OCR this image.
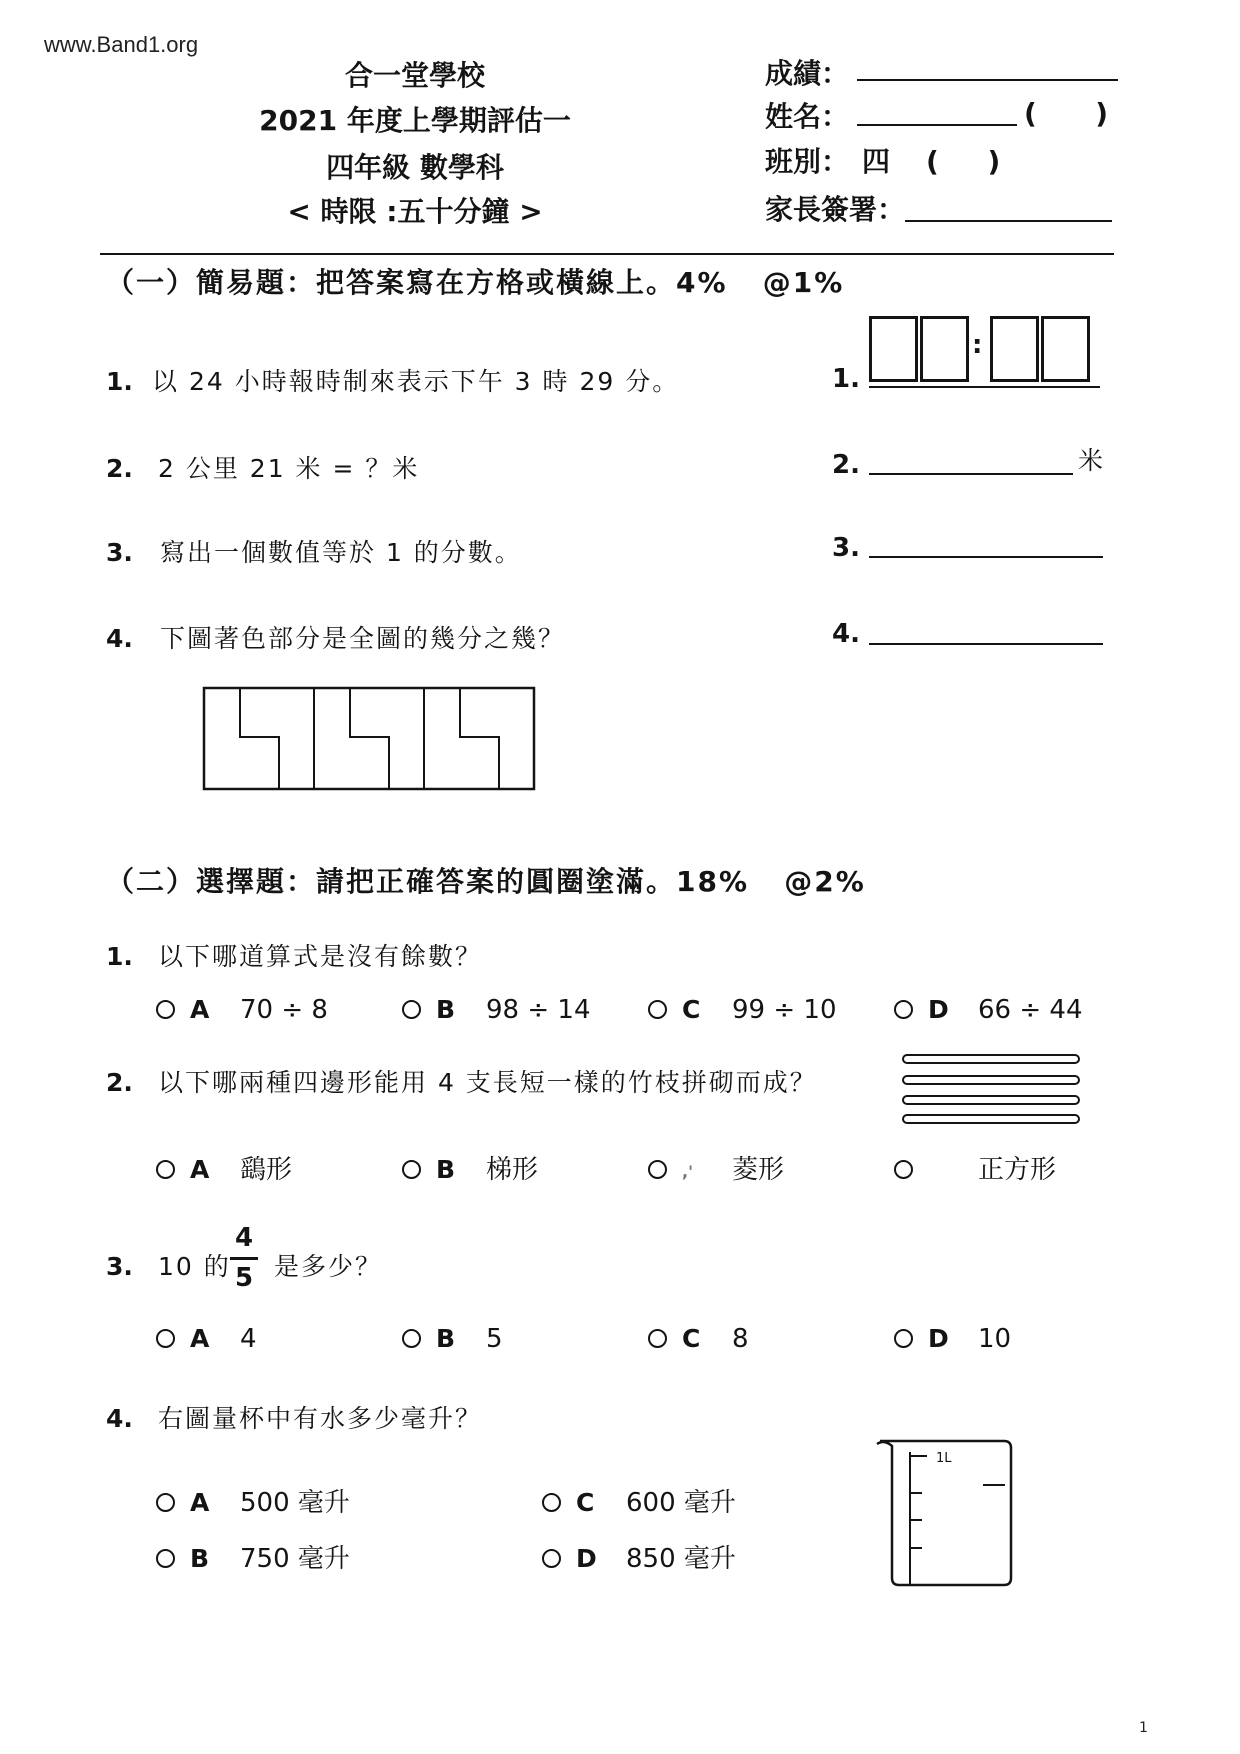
www.Band1.org
合一堂學校
2021 年度上學期評估一
四年級 數學科
< 時限 :五十分鐘 >
成績：
姓名：	(      )
班別： 四 (     )
家長簽署：
（一）簡易題：把答案寫在方格或橫線上。4%   @1%
1. 以 24 小時報時制來表示下午 3 時 29 分。	1.
:
2. 2 公里 21 米 = ？米	2.	米
3. 寫出一個數值等於 1 的分數。	3.
4. 下圖著色部分是全圖的幾分之幾？	4.
（二）選擇題：請把正確答案的圓圈塗滿。18%   @2%
1. 以下哪道算式是沒有餘數？
A 70 ÷ 8	B 98 ÷ 14	C 99 ÷ 10	D 66 ÷ 44
2. 以下哪兩種四邊形能用 4 支長短一樣的竹枝拼砌而成？
A 鷂形	B 梯形	,' 菱形	正方形
3. 10 的
4
5 是多少？
A 4	B 5	C 8	D 10
4. 右圖量杯中有水多少毫升？
A 500 毫升	C 600 毫升
B 750 毫升	D 850 毫升
1L
1
